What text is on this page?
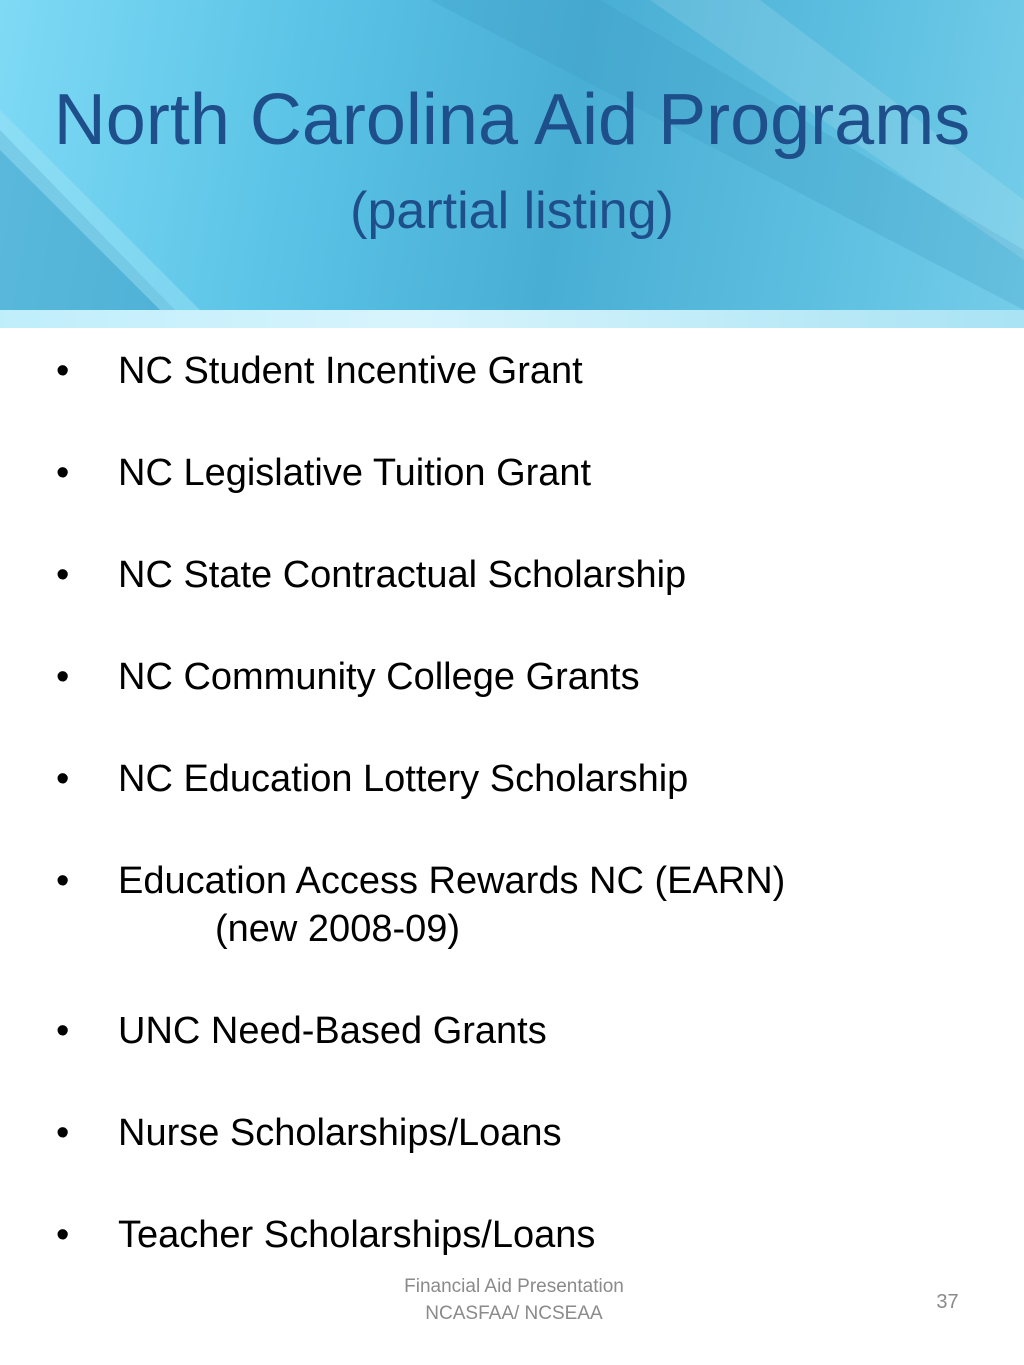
North Carolina Aid Programs
(partial listing)
•	NC Student Incentive Grant
•	NC Legislative Tuition Grant
•	NC State Contractual Scholarship
•	NC Community College Grants
•	NC Education Lottery Scholarship
•	Education Access Rewards NC (EARN)
(new 2008-09)
•	UNC Need-Based Grants
•	Nurse Scholarships/Loans
•	Teacher Scholarships/Loans
Financial Aid Presentation
NCASFAA/ NCSEAA
37
